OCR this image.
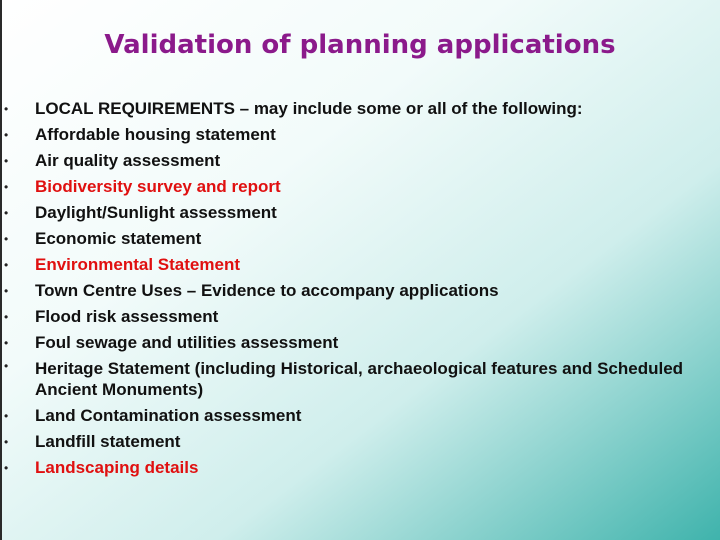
Validation of planning applications
• LOCAL REQUIREMENTS – may include some or all of the following:
• Affordable housing statement
• Air quality assessment
• Biodiversity survey and report
• Daylight/Sunlight assessment
• Economic statement
• Environmental Statement
• Town Centre Uses – Evidence to accompany applications
• Flood risk assessment
• Foul sewage and utilities assessment
• Heritage Statement (including Historical, archaeological features and Scheduled Ancient Monuments)
• Land Contamination assessment
• Landfill statement
• Landscaping details
